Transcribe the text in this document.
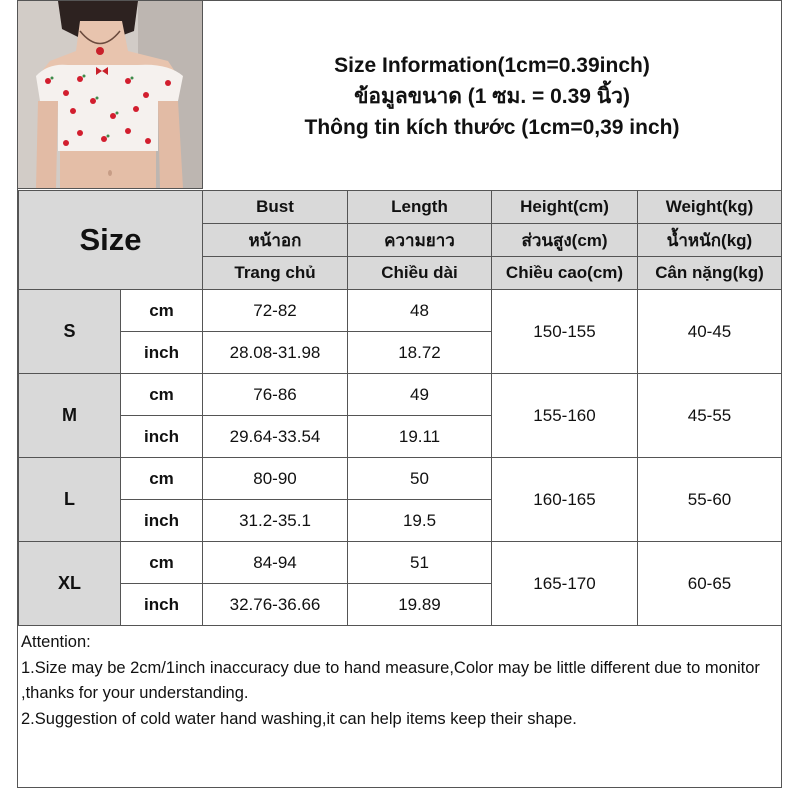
Size Information(1cm=0.39inch)
ข้อมูลขนาด (1 ซม. = 0.39 นิ้ว)
Thông tin kích thước (1cm=0,39 inch)
Size		Bust	Length	Height(cm)	Weight(kg)
		หน้าอก	ความยาว	ส่วนสูง(cm)	น้ำหนัก(kg)
		Trang chủ	Chiều dài	Chiều cao(cm)	Cân nặng(kg)
S	cm	72-82	48	150-155	40-45
	inch	28.08-31.98	18.72		
M	cm	76-86	49	155-160	45-55
	inch	29.64-33.54	19.11		
L	cm	80-90	50	160-165	55-60
	inch	31.2-35.1	19.5		
XL	cm	84-94	51	165-170	60-65
	inch	32.76-36.66	19.89		
Attention:
1.Size may be 2cm/1inch inaccuracy due to hand measure,Color may be little different due to monitor ,thanks for your understanding.
2.Suggestion of cold water hand washing,it can help items keep their shape.
